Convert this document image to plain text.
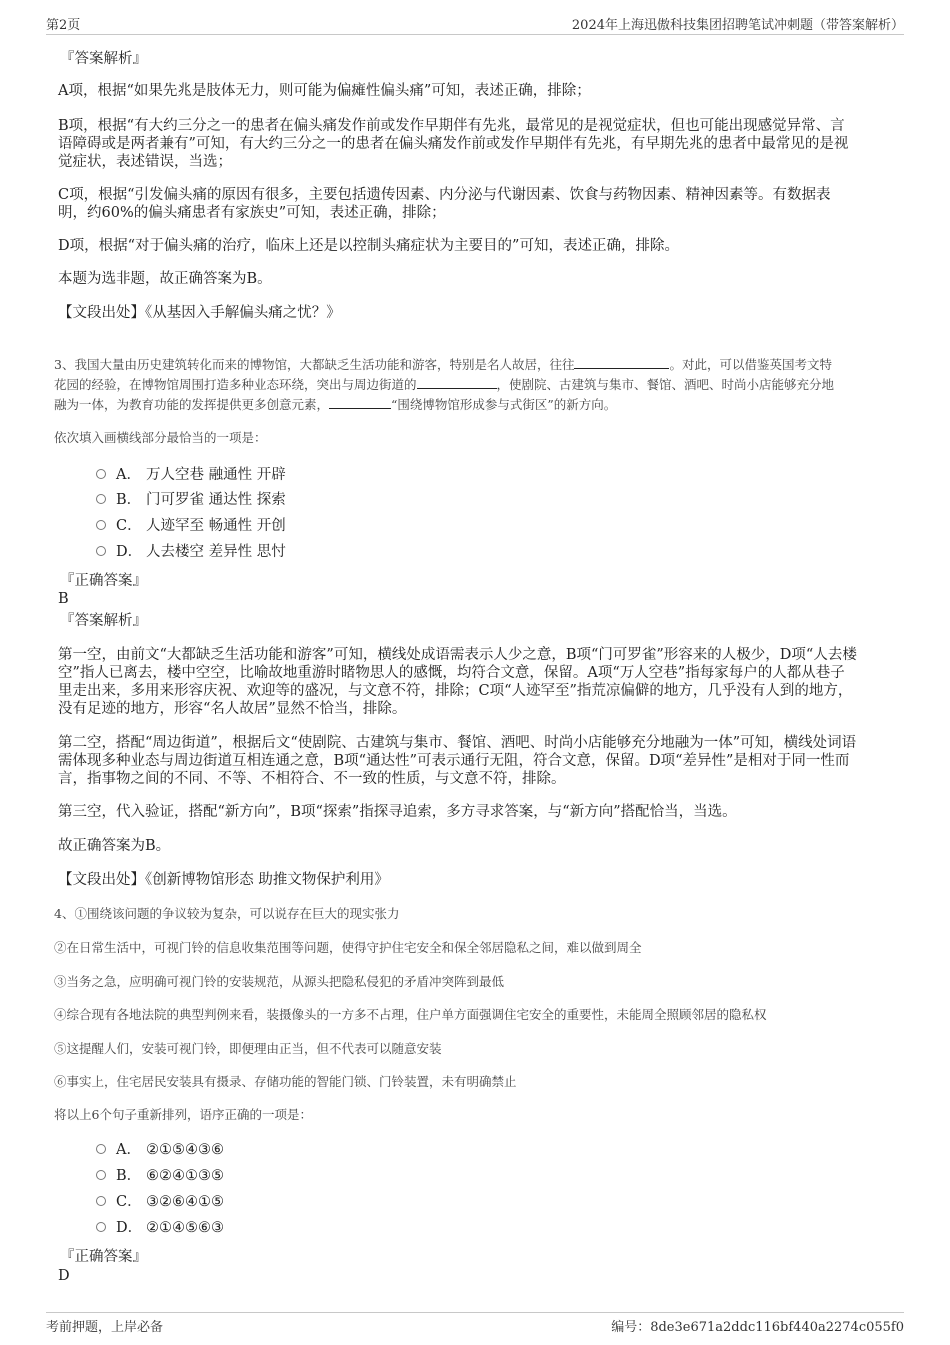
第2页	2024年上海迅傲科技集团招聘笔试冲刺题（带答案解析）

『答案解析』

A项，根据“如果先兆是肢体无力，则可能为偏瘫性偏头痛”可知，表述正确，排除；

B项，根据“有大约三分之一的患者在偏头痛发作前或发作早期伴有先兆，最常见的是视觉症状，但也可能出现感觉异常、言

语障碍或是两者兼有”可知，有大约三分之一的患者在偏头痛发作前或发作早期伴有先兆，有早期先兆的患者中最常见的是视

觉症状，表述错误，当选；

C项，根据“引发偏头痛的原因有很多，主要包括遗传因素、内分泌与代谢因素、饮食与药物因素、精神因素等。有数据表

明，约60%的偏头痛患者有家族史”可知，表述正确，排除；

D项，根据“对于偏头痛的治疗，临床上还是以控制头痛症状为主要目的”可知，表述正确，排除。

本题为选非题，故正确答案为B。

【文段出处】《从基因入手解偏头痛之忧？》

3、我国大量由历史建筑转化而来的博物馆，大都缺乏生活功能和游客，特别是名人故居，往往	。对此，可以借鉴英国考文特

花园的经验，在博物馆周围打造多种业态环绕，突出与周边街道的	，使剧院、古建筑与集市、餐馆、酒吧、时尚小店能够充分地

融为一体，为教育功能的发挥提供更多创意元素，	“围绕博物馆形成参与式街区”的新方向。

依次填入画横线部分最恰当的一项是：

A． 万人空巷 融通性 开辟
B． 门可罗雀 通达性 探索
C． 人迹罕至 畅通性 开创
D． 人去楼空 差异性 思忖

『正确答案』

B

『答案解析』

第一空，由前文“大都缺乏生活功能和游客”可知，横线处成语需表示人少之意，B项“门可罗雀”形容来的人极少，D项“人去楼

空”指人已离去，楼中空空，比喻故地重游时睹物思人的感慨，均符合文意，保留。A项“万人空巷”指每家每户的人都从巷子

里走出来，多用来形容庆祝、欢迎等的盛况，与文意不符，排除；C项“人迹罕至”指荒凉偏僻的地方，几乎没有人到的地方，

没有足迹的地方，形容“名人故居”显然不恰当，排除。

第二空，搭配“周边街道”，根据后文“使剧院、古建筑与集市、餐馆、酒吧、时尚小店能够充分地融为一体”可知，横线处词语

需体现多种业态与周边街道互相连通之意，B项“通达性”可表示通行无阻，符合文意，保留。D项“差异性”是相对于同一性而

言，指事物之间的不同、不等、不相符合、不一致的性质，与文意不符，排除。

第三空，代入验证，搭配“新方向”，B项“探索”指探寻追索，多方寻求答案，与“新方向”搭配恰当，当选。

故正确答案为B。

【文段出处】《创新博物馆形态 助推文物保护利用》

4、①围绕该问题的争议较为复杂，可以说存在巨大的现实张力

②在日常生活中，可视门铃的信息收集范围等问题，使得守护住宅安全和保全邻居隐私之间，难以做到周全

③当务之急，应明确可视门铃的安装规范，从源头把隐私侵犯的矛盾冲突阵到最低

④综合现有各地法院的典型判例来看，装摄像头的一方多不占理，住户单方面强调住宅安全的重要性，未能周全照顾邻居的隐私权

⑤这提醒人们，安装可视门铃，即便理由正当，但不代表可以随意安装

⑥事实上，住宅居民安装具有摄录、存储功能的智能门锁、门铃装置，未有明确禁止

将以上6个句子重新排列，语序正确的一项是：

A． ②①⑤④③⑥
B． ⑥②④①③⑤
C． ③②⑥④①⑤
D． ②①④⑤⑥③

『正确答案』

D

考前押题，上岸必备	编号：8de3e671a2ddc116bf440a2274c055f0
